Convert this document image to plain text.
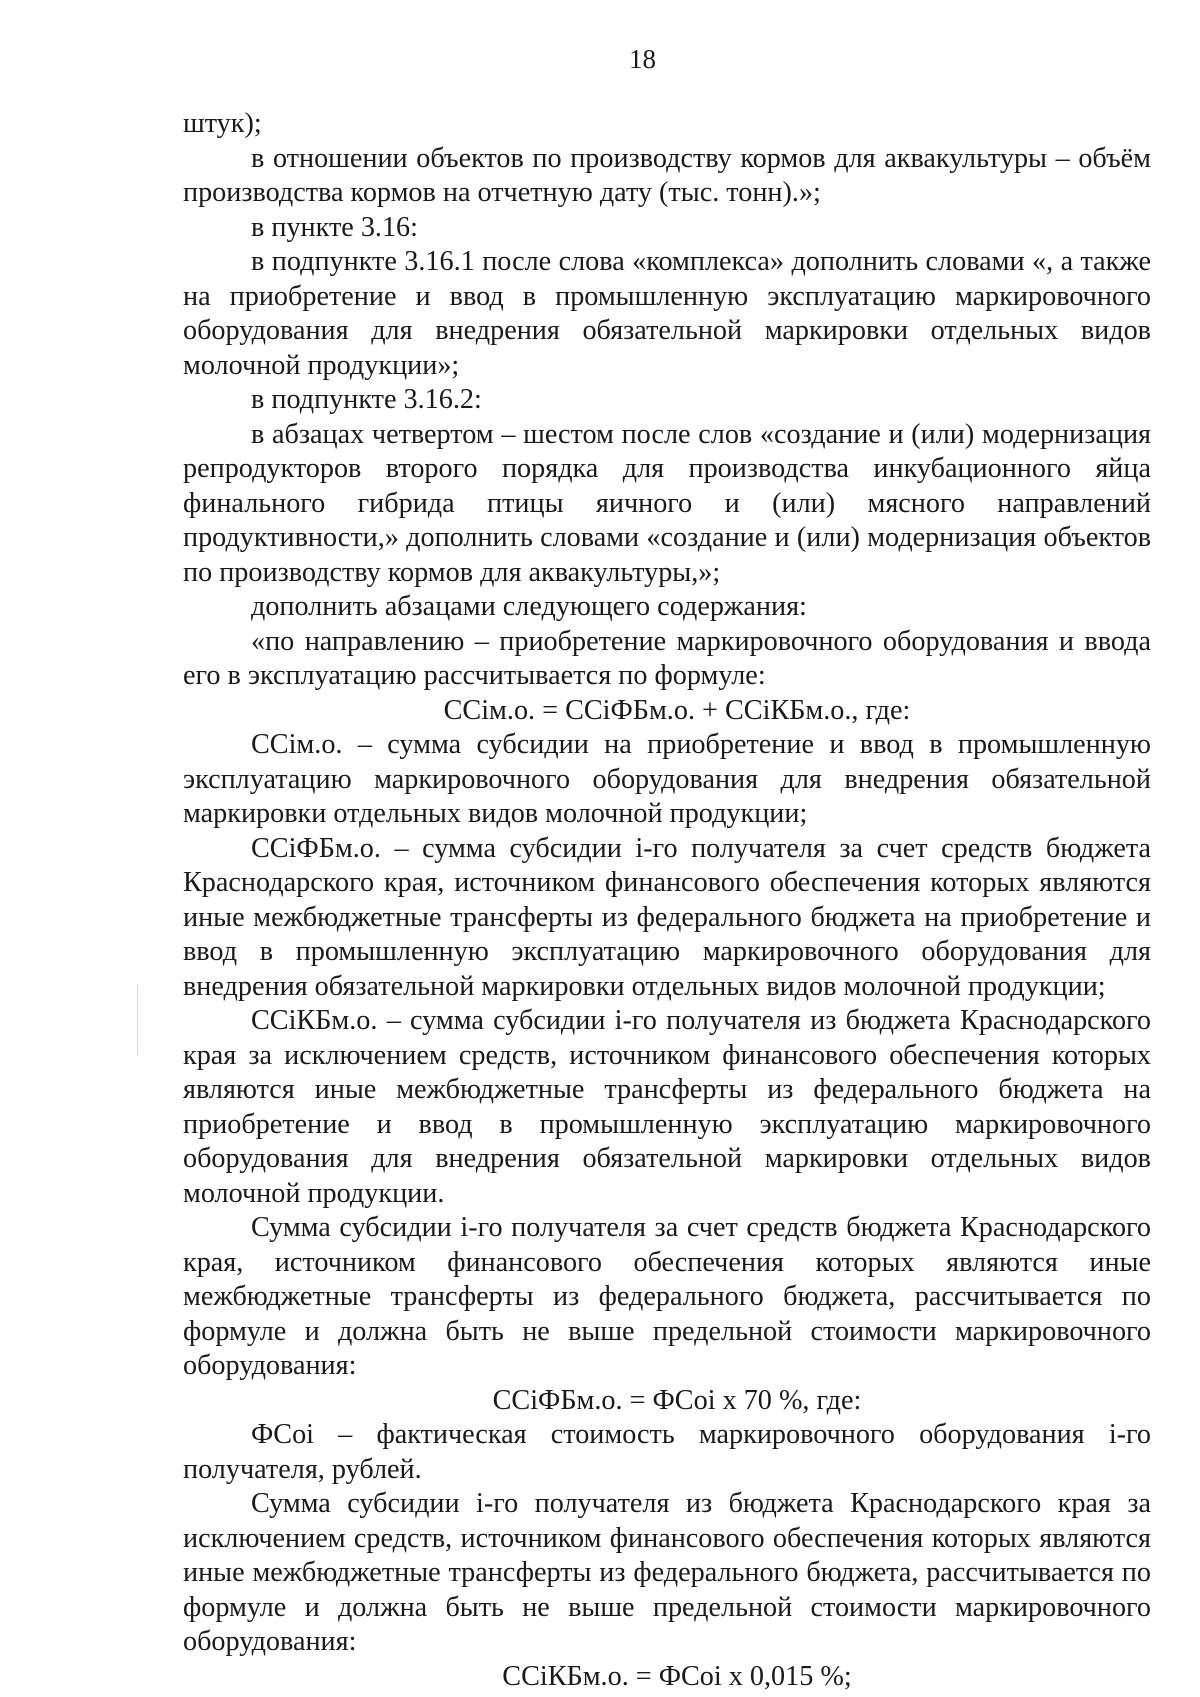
18

штук);

в отношении объектов по производству кормов для аквакультуры – объём производства кормов на отчетную дату (тыс. тонн).»;

в пункте 3.16:

в подпункте 3.16.1 после слова «комплекса» дополнить словами «, а также на приобретение и ввод в промышленную эксплуатацию маркировочного оборудования для внедрения обязательной маркировки отдельных видов молочной продукции»;

в подпункте 3.16.2:

в абзацах четвертом – шестом после слов «создание и (или) модернизация репродукторов второго порядка для производства инкубационного яйца финального гибрида птицы яичного и (или) мясного направлений продуктивности,» дополнить словами «создание и (или) модернизация объектов по производству кормов для аквакультуры,»;

дополнить абзацами следующего содержания:

«по направлению – приобретение маркировочного оборудования и ввода его в эксплуатацию рассчитывается по формуле:

ССiм.о. = ССiФБм.о. + ССiКБм.о., где:

ССiм.о. – сумма субсидии на приобретение и ввод в промышленную эксплуатацию маркировочного оборудования для внедрения обязательной маркировки отдельных видов молочной продукции;

ССiФБм.о. – сумма субсидии i-го получателя за счет средств бюджета Краснодарского края, источником финансового обеспечения которых являются иные межбюджетные трансферты из федерального бюджета на приобретение и ввод в промышленную эксплуатацию маркировочного оборудования для внедрения обязательной маркировки отдельных видов молочной продукции;

ССiКБм.о. – сумма субсидии i-го получателя из бюджета Краснодарского края за исключением средств, источником финансового обеспечения которых являются иные межбюджетные трансферты из федерального бюджета на приобретение и ввод в промышленную эксплуатацию маркировочного оборудования для внедрения обязательной маркировки отдельных видов молочной продукции.

Сумма субсидии i-го получателя за счет средств бюджета Краснодарского края, источником финансового обеспечения которых являются иные межбюджетные трансферты из федерального бюджета, рассчитывается по формуле и должна быть не выше предельной стоимости маркировочного оборудования:

ССiФБм.о. = ФСоi х 70 %, где:

ФСоi – фактическая стоимость маркировочного оборудования i-го получателя, рублей.

Сумма субсидии i-го получателя из бюджета Краснодарского края за исключением средств, источником финансового обеспечения которых являются иные межбюджетные трансферты из федерального бюджета, рассчитывается по формуле и должна быть не выше предельной стоимости маркировочного оборудования:

ССiКБм.о. = ФСоi х 0,015 %;
